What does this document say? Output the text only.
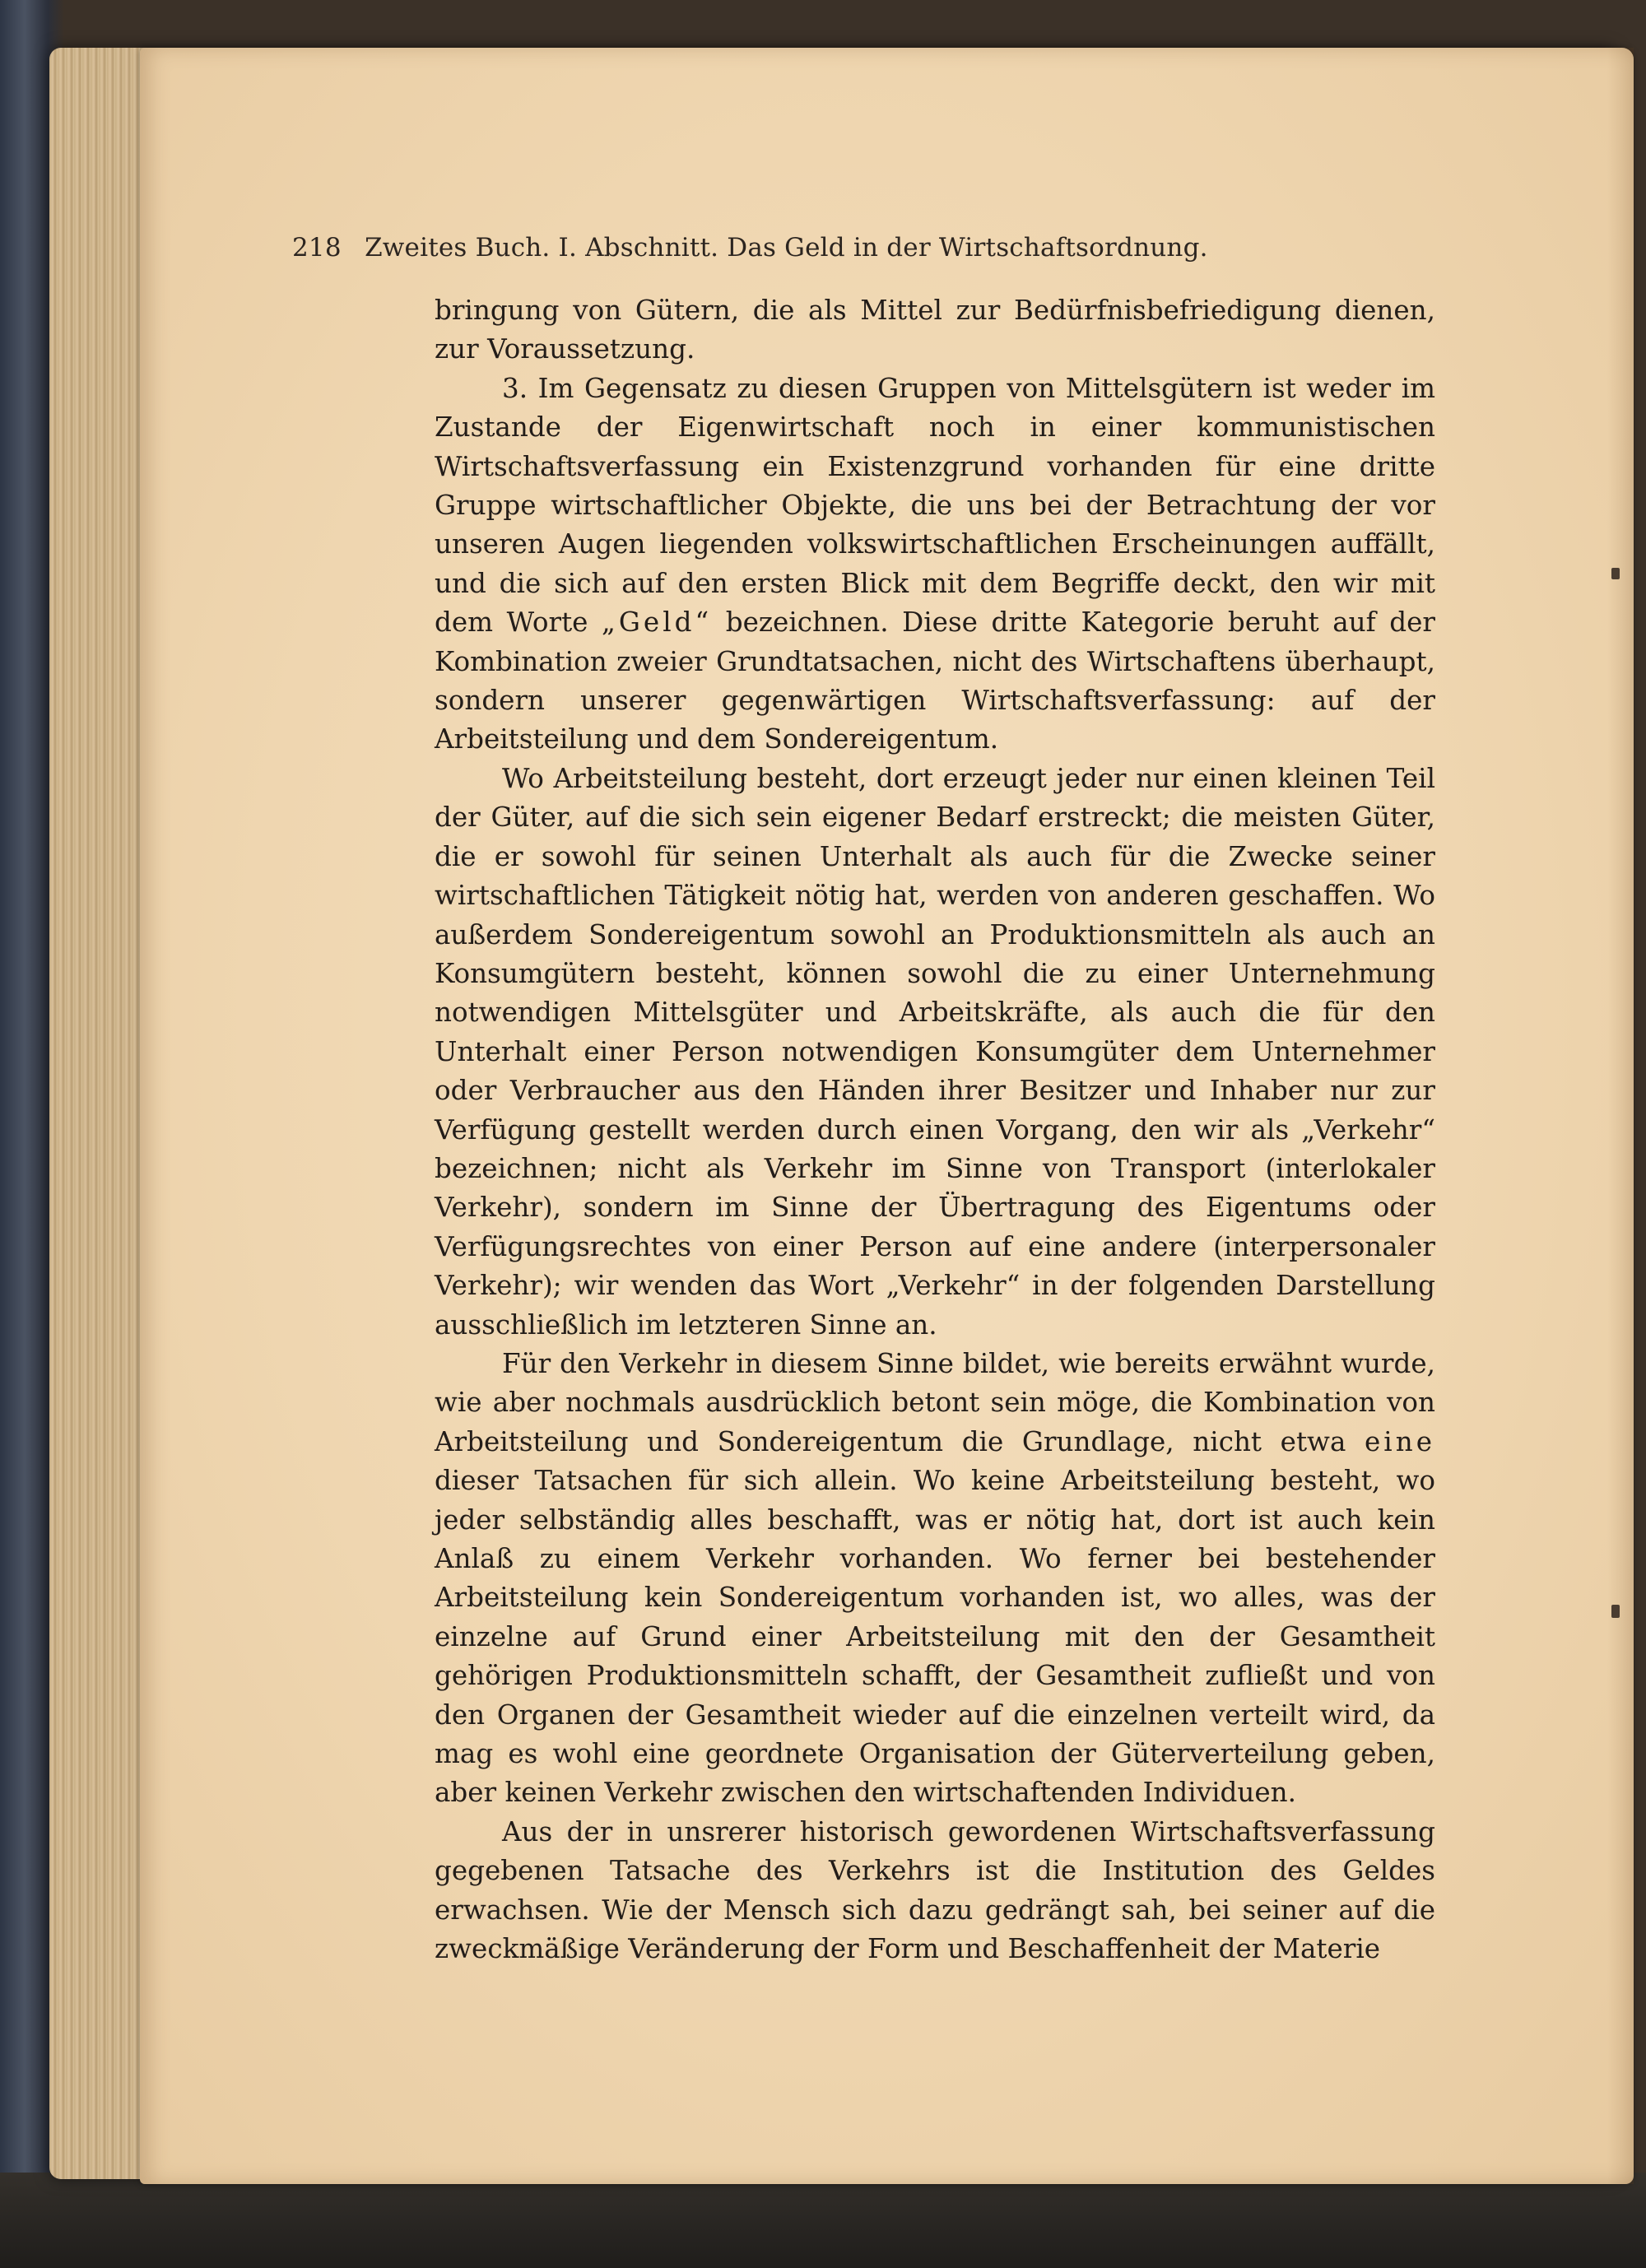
218 Zweites Buch. I. Abschnitt. Das Geld in der Wirtschaftsordnung.

bringung von Gütern, die als Mittel zur Bedürfnisbefriedigung dienen, zur Voraussetzung.

3. Im Gegensatz zu diesen Gruppen von Mittelsgütern ist weder im Zustande der Eigenwirtschaft noch in einer kommunistischen Wirtschaftsverfassung ein Existenzgrund vorhanden für eine dritte Gruppe wirtschaftlicher Objekte, die uns bei der Betrachtung der vor unseren Augen liegenden volkswirtschaftlichen Erscheinungen auffällt, und die sich auf den ersten Blick mit dem Begriffe deckt, den wir mit dem Worte „Geld“ bezeichnen. Diese dritte Kategorie beruht auf der Kombination zweier Grundtatsachen, nicht des Wirtschaftens überhaupt, sondern unserer gegenwärtigen Wirtschaftsverfassung: auf der Arbeitsteilung und dem Sondereigentum.

Wo Arbeitsteilung besteht, dort erzeugt jeder nur einen kleinen Teil der Güter, auf die sich sein eigener Bedarf erstreckt; die meisten Güter, die er sowohl für seinen Unterhalt als auch für die Zwecke seiner wirtschaftlichen Tätigkeit nötig hat, werden von anderen geschaffen. Wo außerdem Sondereigentum sowohl an Produktionsmitteln als auch an Konsumgütern besteht, können sowohl die zu einer Unternehmung notwendigen Mittelsgüter und Arbeitskräfte, als auch die für den Unterhalt einer Person notwendigen Konsumgüter dem Unternehmer oder Verbraucher aus den Händen ihrer Besitzer und Inhaber nur zur Verfügung gestellt werden durch einen Vorgang, den wir als „Verkehr“ bezeichnen; nicht als Verkehr im Sinne von Transport (interlokaler Verkehr), sondern im Sinne der Übertragung des Eigentums oder Verfügungsrechtes von einer Person auf eine andere (interpersonaler Verkehr); wir wenden das Wort „Verkehr“ in der folgenden Darstellung ausschließlich im letzteren Sinne an.

Für den Verkehr in diesem Sinne bildet, wie bereits erwähnt wurde, wie aber nochmals ausdrücklich betont sein möge, die Kombination von Arbeitsteilung und Sondereigentum die Grundlage, nicht etwa eine dieser Tatsachen für sich allein. Wo keine Arbeitsteilung besteht, wo jeder selbständig alles beschafft, was er nötig hat, dort ist auch kein Anlaß zu einem Verkehr vorhanden. Wo ferner bei bestehender Arbeitsteilung kein Sondereigentum vorhanden ist, wo alles, was der einzelne auf Grund einer Arbeitsteilung mit den der Gesamtheit gehörigen Produktionsmitteln schafft, der Gesamtheit zufließt und von den Organen der Gesamtheit wieder auf die einzelnen verteilt wird, da mag es wohl eine geordnete Organisation der Güterverteilung geben, aber keinen Verkehr zwischen den wirtschaftenden Individuen.

Aus der in unsrerer historisch gewordenen Wirtschaftsverfassung gegebenen Tatsache des Verkehrs ist die Institution des Geldes erwachsen. Wie der Mensch sich dazu gedrängt sah, bei seiner auf die zweckmäßige Veränderung der Form und Beschaffenheit der Materie
